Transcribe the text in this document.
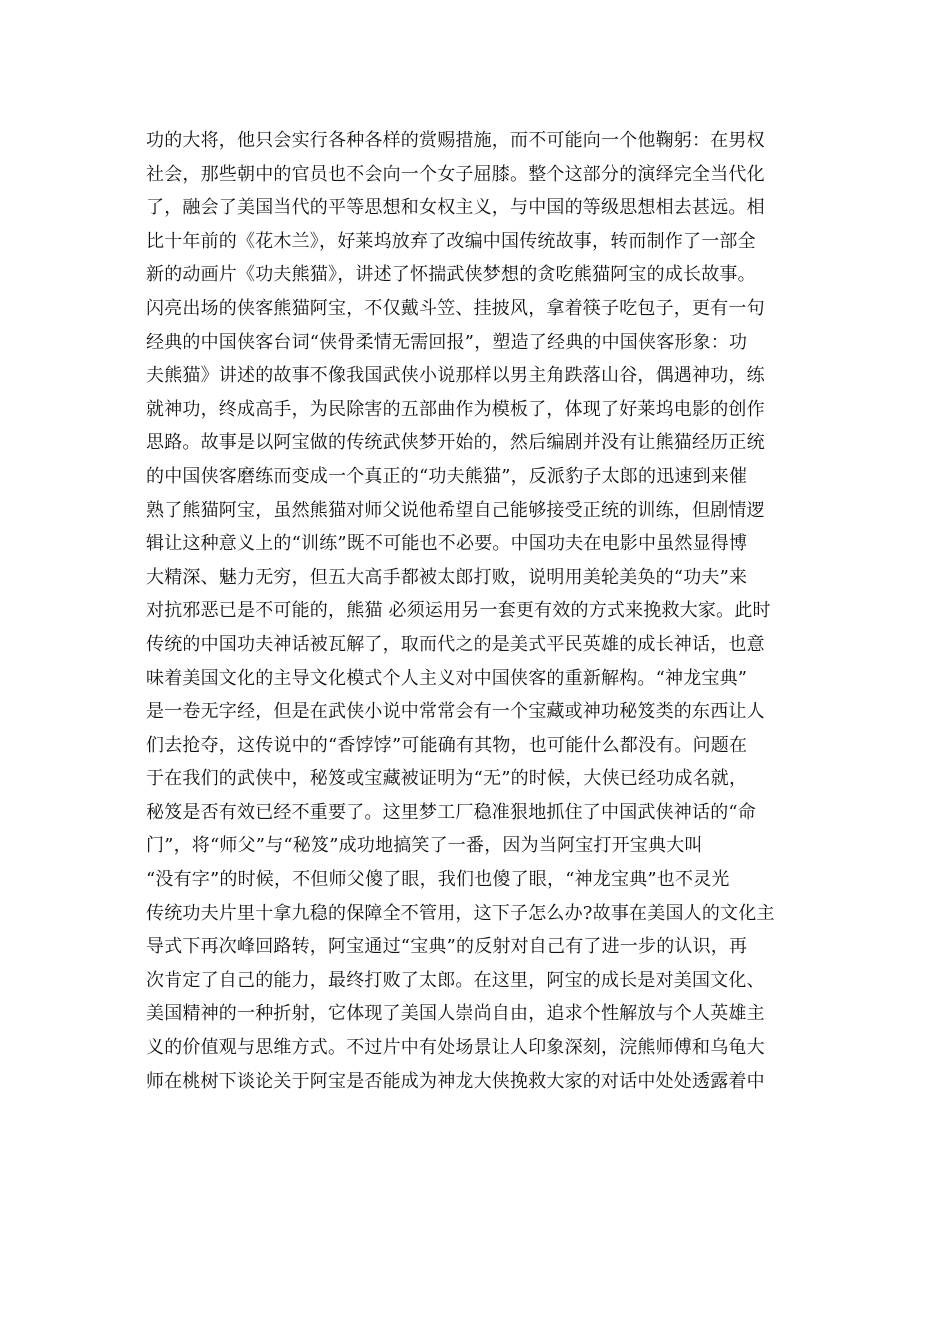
功的大将，他只会实行各种各样的赏赐措施，而不可能向一个他鞠躬：在男权
社会，那些朝中的官员也不会向一个女子屈膝。整个这部分的演绎完全当代化
了，融会了美国当代的平等思想和女权主义，与中国的等级思想相去甚远。相
比十年前的《花木兰》，好莱坞放弃了改编中国传统故事，转而制作了一部全
新的动画片《功夫熊猫》，讲述了怀揣武侠梦想的贪吃熊猫阿宝的成长故事。
闪亮出场的侠客熊猫阿宝，不仅戴斗笠、挂披风，拿着筷子吃包子，更有一句
经典的中国侠客台词“侠骨柔情无需回报”，塑造了经典的中国侠客形象：功
夫熊猫》讲述的故事不像我国武侠小说那样以男主角跌落山谷，偶遇神功，练
就神功，终成高手，为民除害的五部曲作为模板了，体现了好莱坞电影的创作
思路。故事是以阿宝做的传统武侠梦开始的，然后编剧并没有让熊猫经历正统
的中国侠客磨练而变成一个真正的“功夫熊猫”，反派豹子太郎的迅速到来催
熟了熊猫阿宝，虽然熊猫对师父说他希望自己能够接受正统的训练，但剧情逻
辑让这种意义上的“训练”既不可能也不必要。中国功夫在电影中虽然显得博
大精深、魅力无穷，但五大高手都被太郎打败，说明用美轮美奂的“功夫”来
对抗邪恶已是不可能的，熊猫 必须运用另一套更有效的方式来挽救大家。此时
传统的中国功夫神话被瓦解了，取而代之的是美式平民英雄的成长神话，也意
味着美国文化的主导文化模式个人主义对中国侠客的重新解构。“神龙宝典”
是一卷无字经，但是在武侠小说中常常会有一个宝藏或神功秘笈类的东西让人
们去抢夺，这传说中的“香饽饽”可能确有其物，也可能什么都没有。问题在
于在我们的武侠中，秘笈或宝藏被证明为“无”的时候，大侠已经功成名就，
秘笈是否有效已经不重要了。这里梦工厂稳准狠地抓住了中国武侠神话的“命
门”，将“师父”与“秘笈”成功地搞笑了一番，因为当阿宝打开宝典大叫
“没有字”的时候，不但师父傻了眼，我们也傻了眼，“神龙宝典”也不灵光
传统功夫片里十拿九稳的保障全不管用，这下子怎么办?故事在美国人的文化主
导式下再次峰回路转，阿宝通过“宝典”的反射对自己有了进一步的认识，再
次肯定了自己的能力，最终打败了太郎。在这里，阿宝的成长是对美国文化、
美国精神的一种折射，它体现了美国人崇尚自由，追求个性解放与个人英雄主
义的价值观与思维方式。不过片中有处场景让人印象深刻，浣熊师傅和乌龟大
师在桃树下谈论关于阿宝是否能成为神龙大侠挽救大家的对话中处处透露着中
